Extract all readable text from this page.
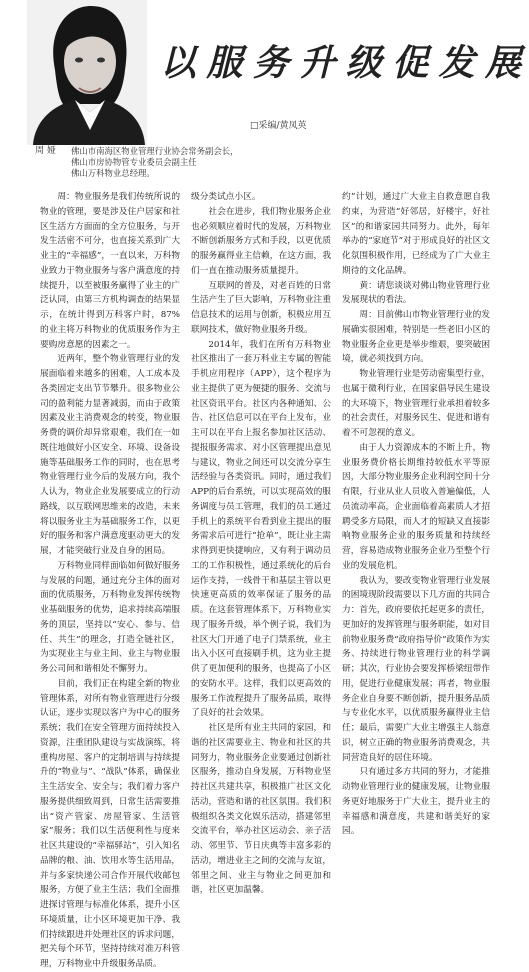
以 服 务 升 级 促 发 展
□采编/黄凤英
周 娅 佛山市南海区物业管理行业协会常务副会长，
佛山市房协物管专业委员会副主任
佛山万科物业总经理。

周：物业服务是我们传统所说的物业的管理，要是涉及住户居家和社区生活方方面面的全方位服务，与开发生活密不可分，也直接关系到广大业主的“幸福感”，一直以来，万科物业致力于物业服务与客户满意度的持续提升，以至被服务赢得了业主的广泛认同，由第三方机构调查的结果显示，在统计得到万科客户时，87%的业主将万科物业的优质服务作为主要购房意愿的因素之一。

近两年，整个物业管理行业的发展面临着来越多的困难，人工成本及各类固定支出节节攀升。很多物业公司的盈利能力显著减弱，而由于政策因素及业主消费观念的转变，物业服务费的调价却异常艰难，我们在一如既往地做好小区安全、环境、设备设施等基础服务工作的同时，也在思考物业管理行业今后的发展方向，我个人认为，物业企业发展要成立的行动路线，以互联网思维来的改造，未来将以服务业主为基础服务工作，以更好的服务和客户满意度驱动更大的发展，才能突破行业及自身的困局。

万科物业同样面临如何做好服务与发展的问题，通过充分主体的面对面的优质服务，万科物业发挥传统物业基础服务的优势，追求持续高端服务的顶层，坚持以“安心、参与、信任、共生”的理念，打造全链社区，为实现业主与业主间、业主与物业服务公司间和谐相处不懈努力。

目前，我们正在构建全新的物业管理体系，对所有物业管理进行分级认证，逐步实现以客户为中心的服务系统；我们在安全管理方面持续投入资源，注重团队建设与实战演练，将重构房屋、客户的定制培训与持续提升的“物业与”、“战队”体系，确保业主生活安全、安全与；我们着力客户服务提供细致周到，日常生活需要推出“资产管家、房屋管家、生活管家”服务；我们以生活便利性与度来社区共建设的“幸福驿站”，引入知名品牌的粮、油、饮用水等生活用品，并与多家快递公司合作开展代收邮包服务，方便了业主生活；我们全面推进探讨管理与标准化体系，提升小区环境质量，让小区环境更加干净、我们持续跟进并处理社区的诉求问题，把关每个环节，坚持持续对准万科管理，万科物业中升级服务品质。

级分类试点小区。

社会在进步，我们物业服务企业也必须顺应着时代的发展，万科物业不断创新服务方式和手段，以更优质的服务赢得业主信赖，在这方面，我们一直在推动服务质量提升。

互联网的普及，对老百姓的日常生活产生了巨大影响，万科物业注重信息技术的运用与创新，积极应用互联网技术，做好物业服务升级。

2014年，我们在所有万科物业社区推出了一套万科业主专属的智能手机应用程序（APP），这个程序为业主提供了更为便捷的服务、交流与社区资讯平台。社区内各种通知、公告、社区信息可以在平台上发布，业主可以在平台上报名参加社区活动、提报服务需求、对小区管理提出意见与建议，物业之间还可以交流分享生活经验与各类资讯。同时，通过我们APP的后台系统，可以实现高效的服务调度与员工管理，我们的员工通过手机上的系统平台看到业主提出的服务需求后可进行“抢单”，既让业主需求得到更快捷响应，又有利于调动员工的工作积极性，通过系统化的后台运作支持，一线骨干和基层主管以更快速更高质的效率保证了服务的品质。在这套管理体系下，万科物业实现了服务升级，举个例子说，我们为社区大门开通了电子门禁系统，业主出入小区可直接刷手机，这为业主提供了更加便利的服务，也提高了小区的安防水平。这样，我们以更高效的服务工作流程提升了服务品质，取得了良好的社会效果。

社区是所有业主共同的家园，和谐的社区需要业主、物业和社区的共同努力，物业服务企业要通过创新社区服务，推动自身发展，万科物业坚持社区共建共享，积极推广社区文化活动，营造和谐的社区氛围。我们积极组织各类文化娱乐活动，搭建邻里交流平台，举办社区运动会、亲子活动、邻里节、节日庆典等丰富多彩的活动，增进业主之间的交流与友谊，邻里之间、业主与物业之间更加和谐，社区更加温馨。

约”计划，通过广大业主自救意愿自我约束，为营造“好邻居，好楼宇，好社区”的和谐家园共同努力。此外，每年举办的“家庭节”对于形成良好的社区文化氛围积极作用，已经成为了广大业主期待的文化品牌。

黄：请您谈谈对佛山物业管理行业发展现状的看法。

周：目前佛山市物业管理行业的发展确实很困难，特别是一些老旧小区的物业服务企业更是举步维艰，要突破困境，就必须找到方向。

物业管理行业是劳动密集型行业，也属于微利行业，在国家倡导民生建设的大环境下，物业管理行业承担着较多的社会责任，对服务民生、促进和谐有着不可忽视的意义。

由于人力资源成本的不断上升，物业服务费价格长期维持较低水平等原因，大部分物业服务企业利润空间十分有限，行业从业人员收入普遍偏低，人员流动率高，企业面临着高素质人才招聘受多方局限，而人才的短缺又直接影响物业服务企业的服务质量和持续经营，容易造成物业服务企业乃至整个行业的发展危机。

我认为，要改变物业管理行业发展的困境现阶段需要以下几方面的共同合力：首先，政府要依托起更多的责任，更加好的发挥管理与服务职能，如对目前物业服务费“政府指导价”政策作为实务、持续进行物业管理行业的科学调研；其次，行业协会要发挥桥梁纽带作用，促进行业健康发展；再者，物业服务企业自身要不断创新，提升服务品质与专业化水平，以优质服务赢得业主信任；最后，需要广大业主增强主人翁意识，树立正确的物业服务消费观念，共同营造良好的居住环境。

只有通过多方共同的努力，才能推动物业管理行业的健康发展，让物业服务更好地服务于广大业主，提升业主的幸福感和满意度，共建和谐美好的家园。
